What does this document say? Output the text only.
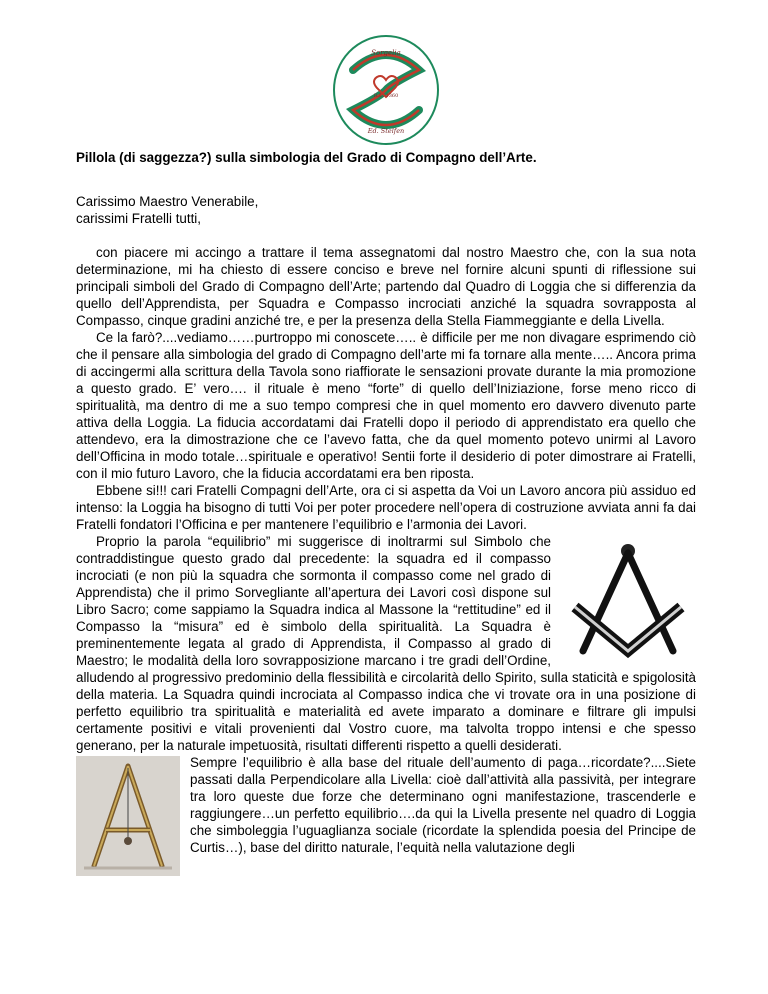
Sorgelia
R.L. 1360
Ed. Stelfen
Pillola (di saggezza?) sulla simbologia del Grado di Compagno dell’Arte.
Carissimo Maestro Venerabile,
carissimi Fratelli tutti,

con piacere mi accingo a trattare il tema assegnatomi dal nostro Maestro che, con la sua nota determinazione, mi ha chiesto di essere conciso e breve nel fornire alcuni spunti di riflessione sui principali simboli del Grado di Compagno dell’Arte; partendo dal Quadro di Loggia che si differenzia da quello dell’Apprendista, per Squadra e Compasso incrociati anziché la squadra sovrapposta al Compasso, cinque gradini anziché tre, e per la presenza della Stella Fiammeggiante e della Livella.

Ce la farò?....vediamo……purtroppo mi conoscete….. è difficile per me non divagare esprimendo ciò che il pensare alla simbologia del grado di Compagno dell’arte mi fa tornare alla mente….. Ancora prima di accingermi alla scrittura della Tavola sono riaffiorate le sensazioni provate durante la mia promozione a questo grado. E’ vero…. il rituale è meno “forte” di quello dell’Iniziazione, forse meno ricco di spiritualità, ma dentro di me a suo tempo compresi che in quel momento ero davvero divenuto parte attiva della Loggia. La fiducia accordatami dai Fratelli dopo il periodo di apprendistato era quello che attendevo, era la dimostrazione che ce l’avevo fatta, che da quel momento potevo unirmi al Lavoro dell’Officina in modo totale…spirituale e operativo! Sentii forte il desiderio di poter dimostrare ai Fratelli, con il mio futuro Lavoro, che la fiducia accordatami era ben riposta.

Ebbene si!!! cari Fratelli Compagni dell’Arte, ora ci si aspetta da Voi un Lavoro ancora più assiduo ed intenso: la Loggia ha bisogno di tutti Voi per poter procedere nell’opera di costruzione avviata anni fa dai Fratelli fondatori l’Officina e per mantenere l’equilibrio e l’armonia dei Lavori.

Proprio la parola “equilibrio” mi suggerisce di inoltrarmi sul Simbolo che contraddistingue questo grado dal precedente: la squadra ed il compasso incrociati (e non più la squadra che sormonta il compasso come nel grado di Apprendista) che il primo Sorvegliante all’apertura dei Lavori così dispone sul Libro Sacro; come sappiamo la Squadra indica al Massone la “rettitudine” ed il Compasso la “misura” ed è simbolo della spiritualità. La Squadra è preminentemente legata al grado di Apprendista, il Compasso al grado di Maestro; le modalità della loro sovrapposizione marcano i tre gradi dell’Ordine, alludendo al progressivo predominio della flessibilità e circolarità dello Spirito, sulla staticità e spigolosità della materia. La Squadra quindi incrociata al Compasso indica che vi trovate ora in una posizione di perfetto equilibrio tra spiritualità e materialità ed avete imparato a dominare e filtrare gli impulsi certamente positivi e vitali provenienti dal Vostro cuore, ma talvolta troppo intensi e che spesso generano, per la naturale impetuosità, risultati differenti rispetto a quelli desiderati.

Sempre l’equilibrio è alla base del rituale dell’aumento di paga…ricordate?....Siete passati dalla Perpendicolare alla Livella: cioè dall’attività alla passività, per integrare tra loro queste due forze che determinano ogni manifestazione, trascenderle e raggiungere…un perfetto equilibrio….da qui la Livella presente nel quadro di Loggia che simboleggia l’uguaglianza sociale (ricordate la splendida poesia del Principe de Curtis…), base del diritto naturale, l’equità nella valutazione degli
